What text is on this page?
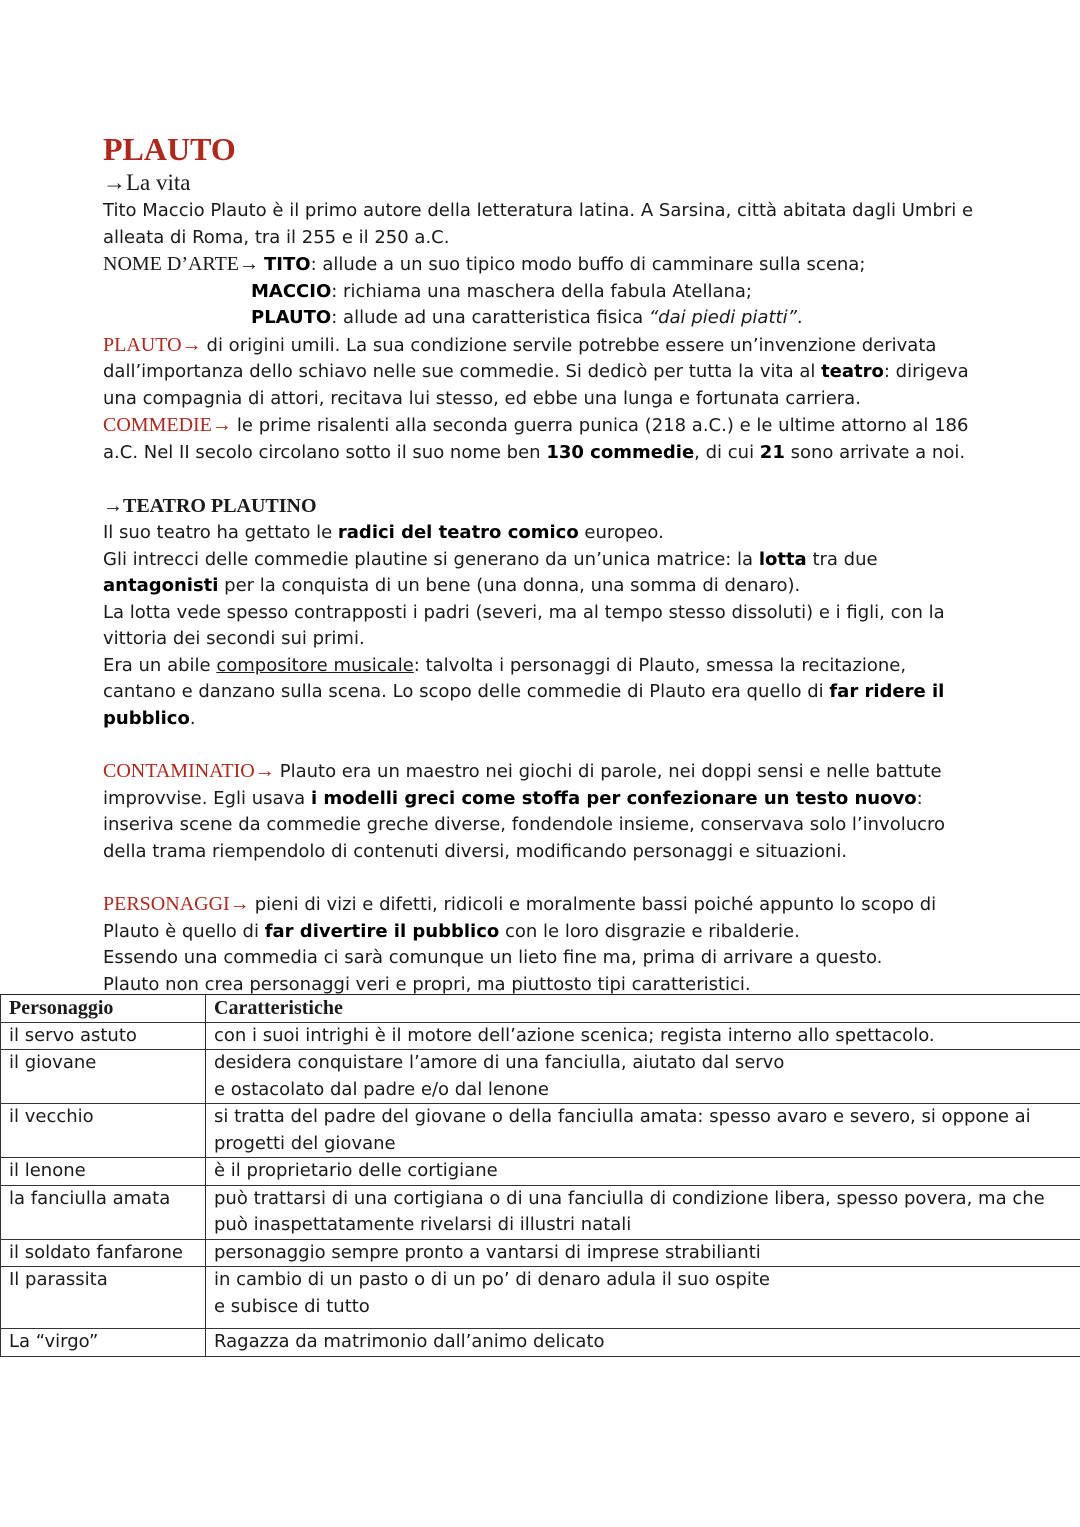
PLAUTO
→La vita

Tito Maccio Plauto è il primo autore della letteratura latina. A Sarsina, città abitata dagli Umbri e alleata di Roma, tra il 255 e il 250 a.C.

NOME D’ARTE→ TITO: allude a un suo tipico modo buffo di camminare sulla scena;

MACCIO: richiama una maschera della fabula Atellana;

PLAUTO: allude ad una caratteristica fisica “dai piedi piatti”.

PLAUTO→ di origini umili. La sua condizione servile potrebbe essere un’invenzione derivata dall’importanza dello schiavo nelle sue commedie. Si dedicò per tutta la vita al teatro: dirigeva una compagnia di attori, recitava lui stesso, ed ebbe una lunga e fortunata carriera.

COMMEDIE→ le prime risalenti alla seconda guerra punica (218 a.C.) e le ultime attorno al 186 a.C. Nel II secolo circolano sotto il suo nome ben 130 commedie, di cui 21 sono arrivate a noi.

→TEATRO PLAUTINO

Il suo teatro ha gettato le radici del teatro comico europeo.

Gli intrecci delle commedie plautine si generano da un’unica matrice: la lotta tra due antagonisti per la conquista di un bene (una donna, una somma di denaro).

La lotta vede spesso contrapposti i padri (severi, ma al tempo stesso dissoluti) e i figli, con la vittoria dei secondi sui primi.

Era un abile compositore musicale: talvolta i personaggi di Plauto, smessa la recitazione, cantano e danzano sulla scena. Lo scopo delle commedie di Plauto era quello di far ridere il pubblico.

CONTAMINATIO→ Plauto era un maestro nei giochi di parole, nei doppi sensi e nelle battute improvvise. Egli usava i modelli greci come stoffa per confezionare un testo nuovo: inseriva scene da commedie greche diverse, fondendole insieme, conservava solo l’involucro della trama riempendolo di contenuti diversi, modificando personaggi e situazioni.

PERSONAGGI→ pieni di vizi e difetti, ridicoli e moralmente bassi poiché appunto lo scopo di Plauto è quello di far divertire il pubblico con le loro disgrazie e ribalderie.

Essendo una commedia ci sarà comunque un lieto fine ma, prima di arrivare a questo.

Plauto non crea personaggi veri e propri, ma piuttosto tipi caratteristici.

Personaggio	Caratteristiche
il servo astuto	con i suoi intrighi è il motore dell’azione scenica; regista interno allo spettacolo.
il giovane	desidera conquistare l’amore di una fanciulla, aiutato dal servo
e ostacolato dal padre e/o dal lenone

il vecchio	si tratta del padre del giovane o della fanciulla amata: spesso avaro e severo, si oppone ai progetti del giovane
il lenone	è il proprietario delle cortigiane
la fanciulla amata	può trattarsi di una cortigiana o di una fanciulla di condizione libera, spesso povera, ma che può inaspettatamente rivelarsi di illustri natali
il soldato fanfarone	personaggio sempre pronto a vantarsi di imprese strabilianti
Il parassita	in cambio di un pasto o di un po’ di denaro adula il suo ospite
e subisce di tutto

La “virgo”	Ragazza da matrimonio dall’animo delicato
